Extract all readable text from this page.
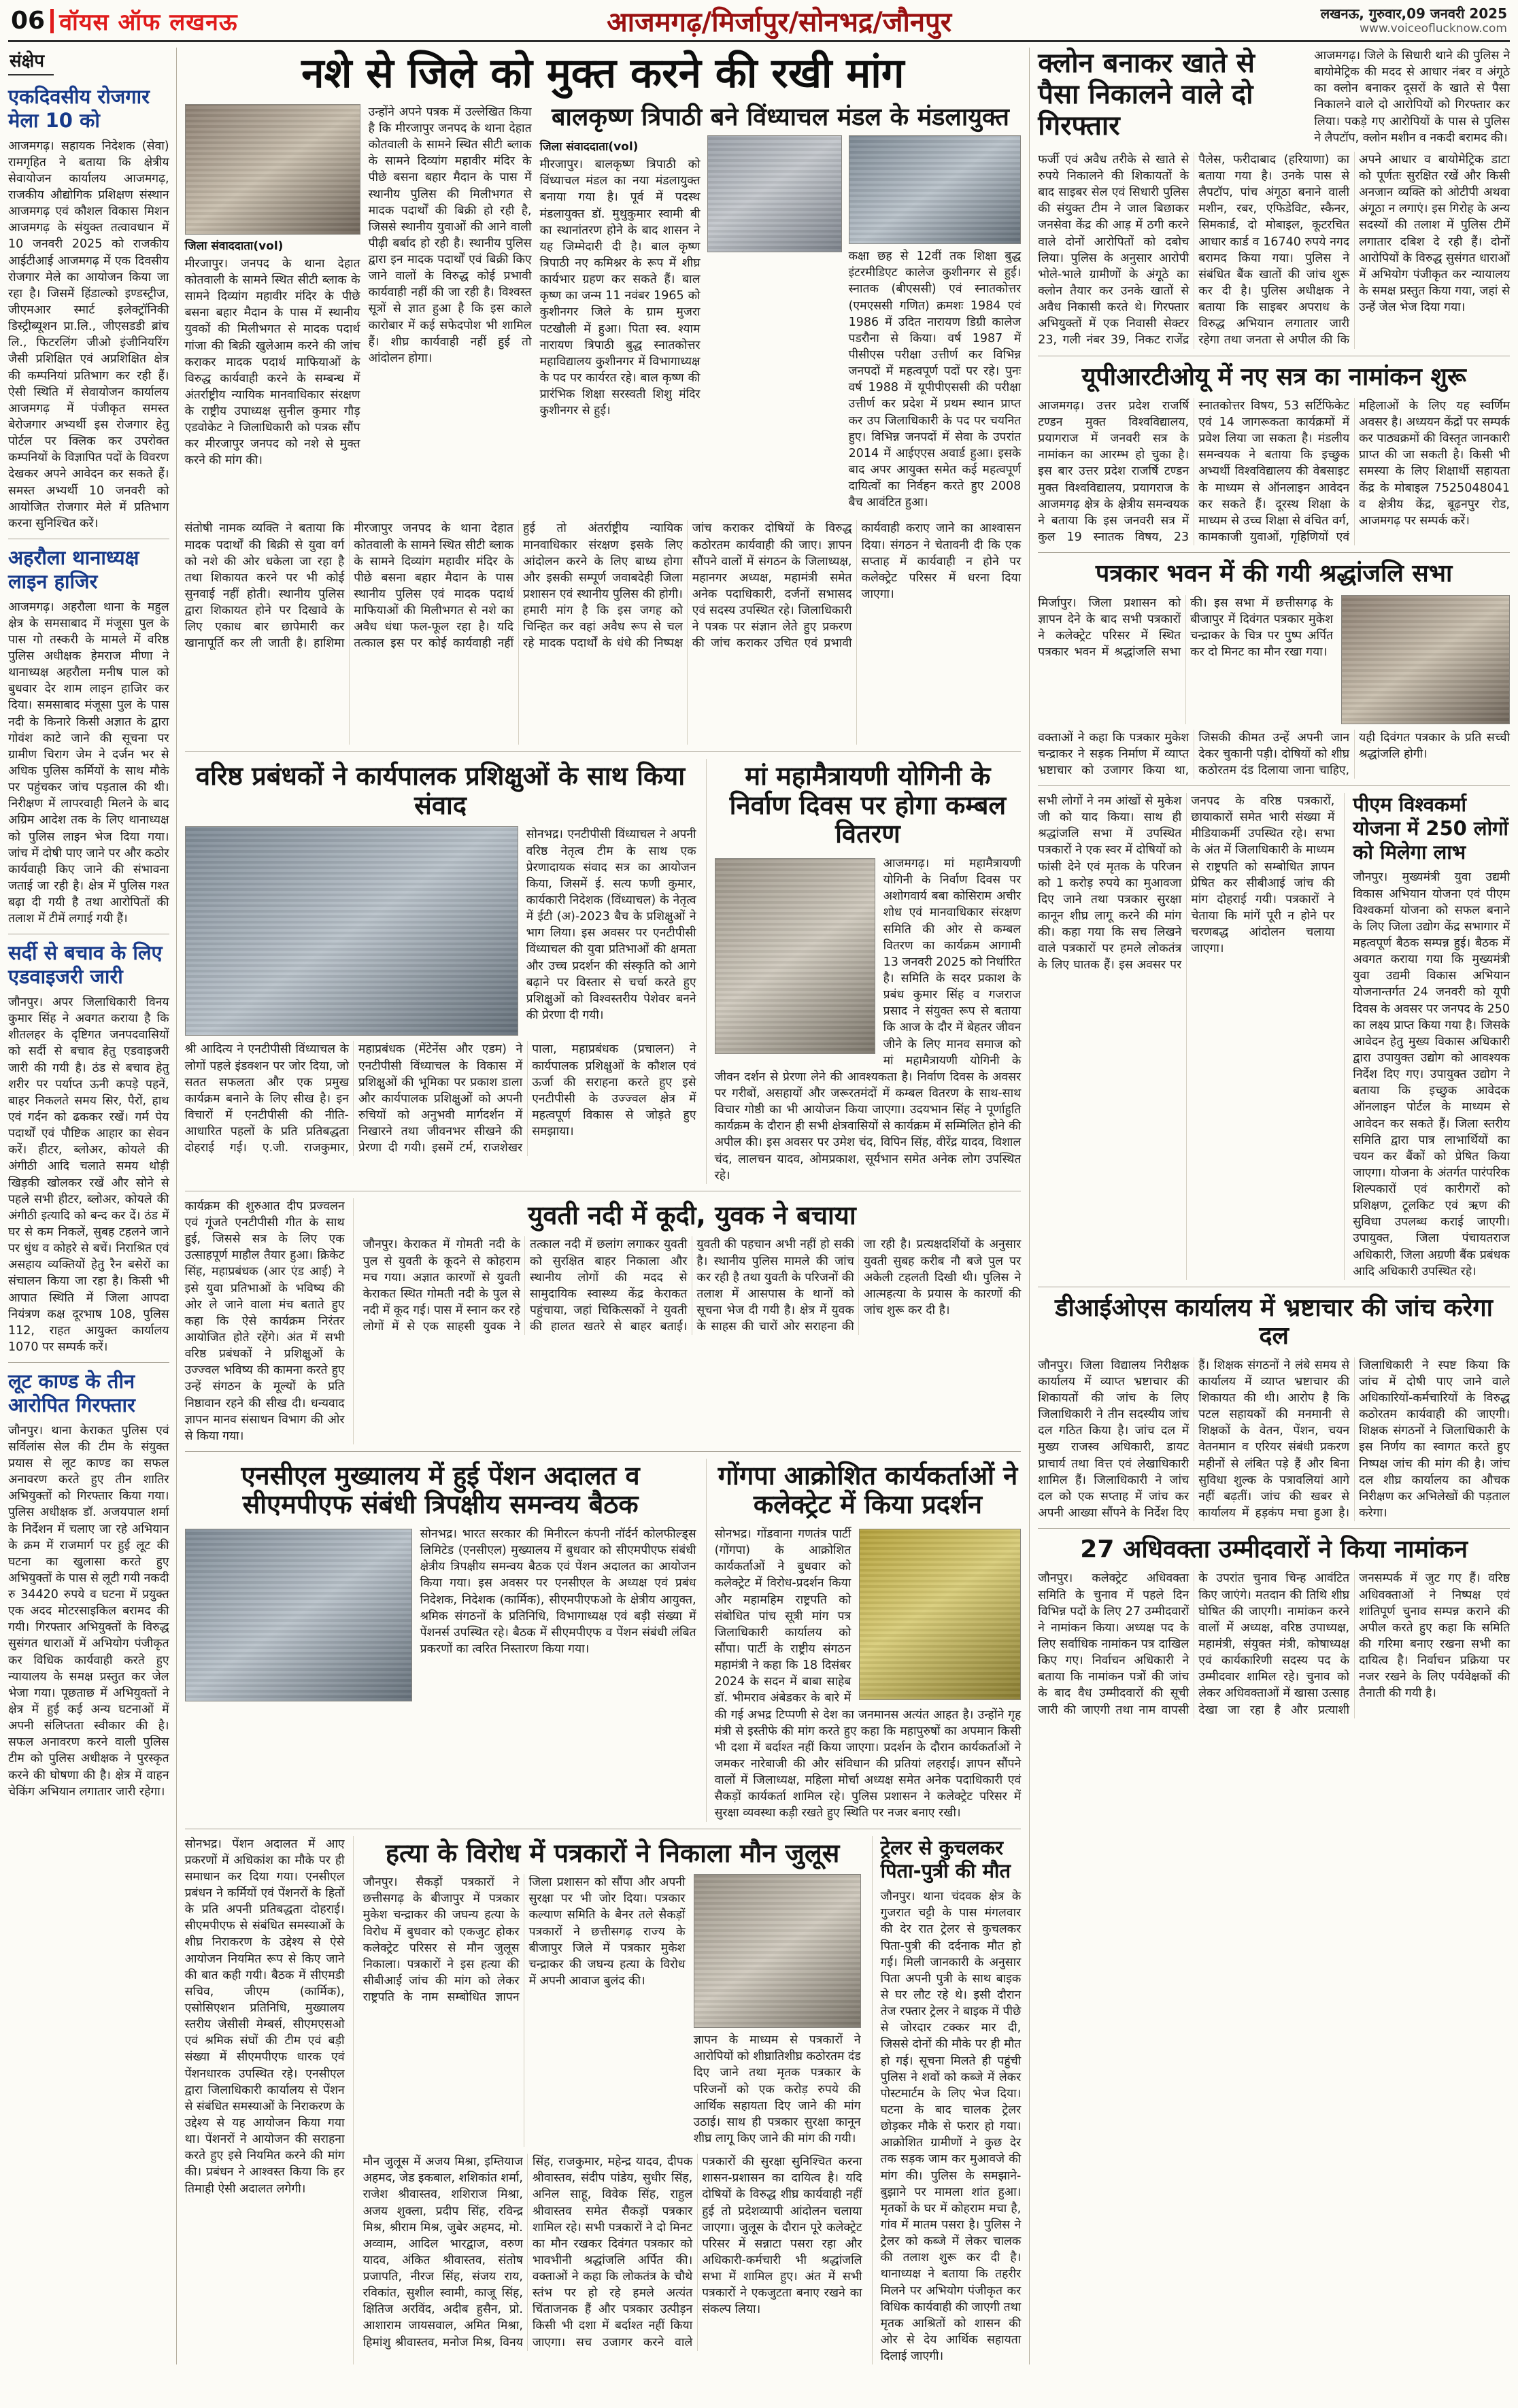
06 वॉयस ऑफ लखनऊ	आजमगढ़/मिर्जापुर/सोनभद्र/जौनपुर	लखनऊ, गुरुवार,09 जनवरी 2025
www.voiceoflucknow.com
संक्षेप
एकदिवसीय रोजगार मेला 10 को

आजमगढ़। सहायक निदेशक (सेवा) रामगृहित ने बताया कि क्षेत्रीय सेवायोजन कार्यालय आजमगढ़, राजकीय औद्योगिक प्रशिक्षण संस्थान आजमगढ़ एवं कौशल विकास मिशन आजमगढ़ के संयुक्त तत्वावधान में 10 जनवरी 2025 को राजकीय आईटीआई आजमगढ़ में एक दिवसीय रोजगार मेले का आयोजन किया जा रहा है। जिसमें हिंडाल्को इण्डस्ट्रीज, जीएमआर स्मार्ट इलेक्ट्रॉनिकी डिस्ट्रीब्यूशन प्रा.लि., जीएसडडी ब्रांच लि., फिटरलिंग जीओ इंजीनियरिंग जैसी प्रशिक्षित एवं अप्रशिक्षित क्षेत्र की कम्पनियां प्रतिभाग कर रही हैं। ऐसी स्थिति में सेवायोजन कार्यालय आजमगढ़ में पंजीकृत समस्त बेरोजगार अभ्यर्थी इस रोजगार हेतु पोर्टल पर क्लिक कर उपरोक्त कम्पनियों के विज्ञापित पदों के विवरण देखकर अपने आवेदन कर सकते हैं। समस्त अभ्यर्थी 10 जनवरी को आयोजित रोजगार मेले में प्रतिभाग करना सुनिश्चित करें।

अहरौला थानाध्यक्ष लाइन हाजिर

आजमगढ़। अहरौला थाना के महुल क्षेत्र के समसाबाद में मंजूसा पुल के पास गो तस्करी के मामले में वरिष्ठ पुलिस अधीक्षक हेमराज मीणा ने थानाध्यक्ष अहरौला मनीष पाल को बुधवार देर शाम लाइन हाजिर कर दिया। समसाबाद मंजूसा पुल के पास नदी के किनारे किसी अज्ञात के द्वारा गोवंश काटे जाने की सूचना पर ग्रामीण चिराग जेम ने दर्जन भर से अधिक पुलिस कर्मियों के साथ मौके पर पहुंचकर जांच पड़ताल की थी। निरीक्षण में लापरवाही मिलने के बाद अग्रिम आदेश तक के लिए थानाध्यक्ष को पुलिस लाइन भेज दिया गया। जांच में दोषी पाए जाने पर और कठोर कार्यवाही किए जाने की संभावना जताई जा रही है। क्षेत्र में पुलिस गश्त बढ़ा दी गयी है तथा आरोपितों की तलाश में टीमें लगाई गयी हैं।

सर्दी से बचाव के लिए एडवाइजरी जारी

जौनपुर। अपर जिलाधिकारी विनय कुमार सिंह ने अवगत कराया है कि शीतलहर के दृष्टिगत जनपदवासियों को सर्दी से बचाव हेतु एडवाइजरी जारी की गयी है। ठंड से बचाव हेतु शरीर पर पर्याप्त ऊनी कपड़े पहनें, बाहर निकलते समय सिर, पैरों, हाथ एवं गर्दन को ढककर रखें। गर्म पेय पदार्थों एवं पौष्टिक आहार का सेवन करें। हीटर, ब्लोअर, कोयले की अंगीठी आदि चलाते समय थोड़ी खिड़की खोलकर रखें और सोने से पहले सभी हीटर, ब्लोअर, कोयले की अंगीठी इत्यादि को बन्द कर दें। ठंड में घर से कम निकलें, सुबह टहलने जाने पर धुंध व कोहरे से बचें। निराश्रित एवं असहाय व्यक्तियों हेतु रैन बसेरों का संचालन किया जा रहा है। किसी भी आपात स्थिति में जिला आपदा नियंत्रण कक्ष दूरभाष 108, पुलिस 112, राहत आयुक्त कार्यालय 1070 पर सम्पर्क करें।

लूट काण्ड के तीन आरोपित गिरफ्तार

जौनपुर। थाना केराकत पुलिस एवं सर्विलांस सेल की टीम के संयुक्त प्रयास से लूट काण्ड का सफल अनावरण करते हुए तीन शातिर अभियुक्तों को गिरफ्तार किया गया। पुलिस अधीक्षक डॉ. अजयपाल शर्मा के निर्देशन में चलाए जा रहे अभियान के क्रम में राजमार्ग पर हुई लूट की घटना का खुलासा करते हुए अभियुक्तों के पास से लूटी गयी नकदी रु 34420 रुपये व घटना में प्रयुक्त एक अदद मोटरसाइकिल बरामद की गयी। गिरफ्तार अभियुक्तों के विरुद्ध सुसंगत धाराओं में अभियोग पंजीकृत कर विधिक कार्यवाही करते हुए न्यायालय के समक्ष प्रस्तुत कर जेल भेजा गया। पूछताछ में अभियुक्तों ने क्षेत्र में हुई कई अन्य घटनाओं में अपनी संलिप्तता स्वीकार की है। सफल अनावरण करने वाली पुलिस टीम को पुलिस अधीक्षक ने पुरस्कृत करने की घोषणा की है। क्षेत्र में वाहन चेकिंग अभियान लगातार जारी रहेगा।

नशे से जिले को मुक्त करने की रखी मांग
जिला संवाददाता(vol)

मीरजापुर। जनपद के थाना देहात कोतवाली के सामने स्थित सीटी ब्लाक के सामने दिव्यांग महावीर मंदिर के पीछे बसना बहार मैदान के पास में स्थानीय युवकों की मिलीभगत से मादक पदार्थ गांजा की बिक्री खुलेआम करने की जांच कराकर मादक पदार्थ माफियाओं के विरुद्ध कार्यवाही करने के सम्बन्ध में अंतर्राष्ट्रीय न्यायिक मानवाधिकार संरक्षण के राष्ट्रीय उपाध्यक्ष सुनील कुमार गौड़ एडवोकेट ने जिलाधिकारी को पत्रक सौंप कर मीरजापुर जनपद को नशे से मुक्त करने की मांग की।

उन्होंने अपने पत्रक में उल्लेखित किया है कि मीरजापुर जनपद के थाना देहात कोतवाली के सामने स्थित सीटी ब्लाक के सामने दिव्यांग महावीर मंदिर के पीछे बसना बहार मैदान के पास में स्थानीय पुलिस की मिलीभगत से मादक पदार्थों की बिक्री हो रही है, जिससे स्थानीय युवाओं की आने वाली पीढ़ी बर्बाद हो रही है। स्थानीय पुलिस द्वारा इन मादक पदार्थों एवं बिक्री किए जाने वालों के विरुद्ध कोई प्रभावी कार्यवाही नहीं की जा रही है। विश्वस्त सूत्रों से ज्ञात हुआ है कि इस काले कारोबार में कई सफेदपोश भी शामिल हैं। शीघ्र कार्यवाही नहीं हुई तो आंदोलन होगा।

बालकृष्ण त्रिपाठी बने विंध्याचल मंडल के मंडलायुक्त
जिला संवाददाता(vol)

मीरजापुर। बालकृष्ण त्रिपाठी को विंध्याचल मंडल का नया मंडलायुक्त बनाया गया है। पूर्व में पदस्थ मंडलायुक्त डॉ. मुथुकुमार स्वामी बी का स्थानांतरण होने के बाद शासन ने यह जिम्मेदारी दी है। बाल कृष्ण त्रिपाठी नए कमिश्नर के रूप में शीघ्र कार्यभार ग्रहण कर सकते हैं। बाल कृष्ण का जन्म 11 नवंबर 1965 को कुशीनगर जिले के ग्राम मुजरा पटखौली में हुआ। पिता स्व. श्याम नारायण त्रिपाठी बुद्ध स्नातकोत्तर महाविद्यालय कुशीनगर में विभागाध्यक्ष के पद पर कार्यरत रहे। बाल कृष्ण की प्रारंभिक शिक्षा सरस्वती शिशु मंदिर कुशीनगर से हुई।

कक्षा छह से 12वीं तक शिक्षा बुद्ध इंटरमीडिएट कालेज कुशीनगर से हुई। स्नातक (बीएससी) एवं स्नातकोत्तर (एमएससी गणित) क्रमशः 1984 एवं 1986 में उदित नारायण डिग्री कालेज पडरौना से किया। वर्ष 1987 में पीसीएस परीक्षा उत्तीर्ण कर विभिन्न जनपदों में महत्वपूर्ण पदों पर रहे। पुनः वर्ष 1988 में यूपीपीएससी की परीक्षा उत्तीर्ण कर प्रदेश में प्रथम स्थान प्राप्त कर उप जिलाधिकारी के पद पर चयनित हुए। विभिन्न जनपदों में सेवा के उपरांत 2014 में आईएएस अवार्ड हुआ। इसके बाद अपर आयुक्त समेत कई महत्वपूर्ण दायित्वों का निर्वहन करते हुए 2008 बैच आवंटित हुआ।

संतोषी नामक व्यक्ति ने बताया कि मादक पदार्थों की बिक्री से युवा वर्ग को नशे की ओर धकेला जा रहा है तथा शिकायत करने पर भी कोई सुनवाई नहीं होती। स्थानीय पुलिस द्वारा शिकायत होने पर दिखावे के लिए एकाध बार छापेमारी कर खानापूर्ति कर ली जाती है। हाशिमा मीरजापुर जनपद के थाना देहात कोतवाली के सामने स्थित सीटी ब्लाक के सामने दिव्यांग महावीर मंदिर के पीछे बसना बहार मैदान के पास स्थानीय पुलिस एवं मादक पदार्थ माफियाओं की मिलीभगत से नशे का अवैध धंधा फल-फूल रहा है। यदि तत्काल इस पर कोई कार्यवाही नहीं हुई तो अंतर्राष्ट्रीय न्यायिक मानवाधिकार संरक्षण इसके लिए आंदोलन करने के लिए बाध्य होगा और इसकी सम्पूर्ण जवाबदेही जिला प्रशासन एवं स्थानीय पुलिस की होगी। हमारी मांग है कि इस जगह को चिन्हित कर वहां अवैध रूप से चल रहे मादक पदार्थों के धंधे की निष्पक्ष जांच कराकर दोषियों के विरुद्ध कठोरतम कार्यवाही की जाए। ज्ञापन सौंपने वालों में संगठन के जिलाध्यक्ष, महानगर अध्यक्ष, महामंत्री समेत अनेक पदाधिकारी, दर्जनों सभासद एवं सदस्य उपस्थित रहे। जिलाधिकारी ने पत्रक पर संज्ञान लेते हुए प्रकरण की जांच कराकर उचित एवं प्रभावी कार्यवाही कराए जाने का आश्वासन दिया। संगठन ने चेतावनी दी कि एक सप्ताह में कार्यवाही न होने पर कलेक्ट्रेट परिसर में धरना दिया जाएगा।
वरिष्ठ प्रबंधकों ने कार्यपालक प्रशिक्षुओं के साथ किया संवाद

सोनभद्र। एनटीपीसी विंध्याचल ने अपनी वरिष्ठ नेतृत्व टीम के साथ एक प्रेरणादायक संवाद सत्र का आयोजन किया, जिसमें ई. सत्य फणी कुमार, कार्यकारी निदेशक (विंध्याचल) के नेतृत्व में ईटी (अ)-2023 बैच के प्रशिक्षुओं ने भाग लिया। इस अवसर पर एनटीपीसी विंध्याचल की युवा प्रतिभाओं की क्षमता और उच्च प्रदर्शन की संस्कृति को आगे बढ़ाने पर विस्तार से चर्चा करते हुए प्रशिक्षुओं को विश्वस्तरीय पेशेवर बनने की प्रेरणा दी गयी।

श्री आदित्य ने एनटीपीसी विंध्याचल के लोगों पहले इंडक्शन पर जोर दिया, जो सतत सफलता और एक प्रमुख कार्यक्रम बनाने के लिए सीख है। इन विचारों में एनटीपीसी की नीति-आधारित पहलों के प्रति प्रतिबद्धता दोहराई गई। ए.जी. राजकुमार, महाप्रबंधक (मेंटेनेंस और एडम) ने एनटीपीसी विंध्याचल के विकास में प्रशिक्षुओं की भूमिका पर प्रकाश डाला और कार्यपालक प्रशिक्षुओं को अपनी रुचियों को अनुभवी मार्गदर्शन में निखारने तथा जीवनभर सीखने की प्रेरणा दी गयी। इसमें टर्म, राजशेखर पाला, महाप्रबंधक (प्रचालन) ने कार्यपालक प्रशिक्षुओं के कौशल एवं ऊर्जा की सराहना करते हुए इसे एनटीपीसी के उज्ज्वल क्षेत्र में महत्वपूर्ण विकास से जोड़ते हुए समझाया।

मां महामैत्रायणी योगिनी के निर्वाण दिवस पर होगा कम्बल वितरण

आजमगढ़। मां महामैत्रायणी योगिनी के निर्वाण दिवस पर अशोगवार्य बबा कोसिराम अचीर शोध एवं मानवाधिकार संरक्षण समिति की ओर से कम्बल वितरण का कार्यक्रम आगामी 13 जनवरी 2025 को निर्धारित है। समिति के सदर प्रकाश के प्रबंध कुमार सिंह व गजराज प्रसाद ने संयुक्त रूप से बताया कि आज के दौर में बेहतर जीवन जीने के लिए मानव समाज को मां महामैत्रायणी योगिनी के जीवन दर्शन से प्रेरणा लेने की आवश्यकता है। निर्वाण दिवस के अवसर पर गरीबों, असहायों और जरूरतमंदों में कम्बल वितरण के साथ-साथ विचार गोष्ठी का भी आयोजन किया जाएगा। उदयभान सिंह ने पूर्णाहुति कार्यक्रम के दौरान ही सभी क्षेत्रवासियों से कार्यक्रम में सम्मिलित होने की अपील की। इस अवसर पर उमेश चंद, विपिन सिंह, वीरेंद्र यादव, विशाल चंद, लालचन यादव, ओमप्रकाश, सूर्यभान समेत अनेक लोग उपस्थित रहे।

कार्यक्रम की शुरुआत दीप प्रज्वलन एवं गूंजते एनटीपीसी गीत के साथ हुई, जिससे सत्र के लिए एक उत्साहपूर्ण माहौल तैयार हुआ। क्रिकेट सिंह, महाप्रबंधक (आर एंड आई) ने इसे युवा प्रतिभाओं के भविष्य की ओर ले जाने वाला मंच बताते हुए कहा कि ऐसे कार्यक्रम निरंतर आयोजित होते रहेंगे। अंत में सभी वरिष्ठ प्रबंधकों ने प्रशिक्षुओं के उज्ज्वल भविष्य की कामना करते हुए उन्हें संगठन के मूल्यों के प्रति निष्ठावान रहने की सीख दी। धन्यवाद ज्ञापन मानव संसाधन विभाग की ओर से किया गया।

युवती नदी में कूदी, युवक ने बचाया

जौनपुर। केराकत में गोमती नदी के पुल से युवती के कूदने से कोहराम मच गया। अज्ञात कारणों से युवती केराकत स्थित गोमती नदी के पुल से नदी में कूद गई। पास में स्नान कर रहे लोगों में से एक साहसी युवक ने तत्काल नदी में छलांग लगाकर युवती को सुरक्षित बाहर निकाला और स्थानीय लोगों की मदद से सामुदायिक स्वास्थ्य केंद्र केराकत पहुंचाया, जहां चिकित्सकों ने युवती की हालत खतरे से बाहर बताई। युवती की पहचान अभी नहीं हो सकी है। स्थानीय पुलिस मामले की जांच कर रही है तथा युवती के परिजनों की तलाश में आसपास के थानों को सूचना भेज दी गयी है। क्षेत्र में युवक के साहस की चारों ओर सराहना की जा रही है। प्रत्यक्षदर्शियों के अनुसार युवती सुबह करीब नौ बजे पुल पर अकेली टहलती दिखी थी। पुलिस ने आत्महत्या के प्रयास के कारणों की जांच शुरू कर दी है।

एनसीएल मुख्यालय में हुई पेंशन अदालत व सीएमपीएफ संबंधी त्रिपक्षीय समन्वय बैठक

सोनभद्र। भारत सरकार की मिनीरत्न कंपनी नॉर्दर्न कोलफील्ड्स लिमिटेड (एनसीएल) मुख्यालय में बुधवार को सीएमपीएफ संबंधी क्षेत्रीय त्रिपक्षीय समन्वय बैठक एवं पेंशन अदालत का आयोजन किया गया। इस अवसर पर एनसीएल के अध्यक्ष एवं प्रबंध निदेशक, निदेशक (कार्मिक), सीएमपीएफओ के क्षेत्रीय आयुक्त, श्रमिक संगठनों के प्रतिनिधि, विभागाध्यक्ष एवं बड़ी संख्या में पेंशनर्स उपस्थित रहे। बैठक में सीएमपीएफ व पेंशन संबंधी लंबित प्रकरणों का त्वरित निस्तारण किया गया।

गोंगपा आक्रोशित कार्यकर्ताओं ने कलेक्ट्रेट में किया प्रदर्शन

सोनभद्र। गोंडवाना गणतंत्र पार्टी (गोंगपा) के आक्रोशित कार्यकर्ताओं ने बुधवार को कलेक्ट्रेट में विरोध-प्रदर्शन किया और महामहिम राष्ट्रपति को संबोधित पांच सूत्री मांग पत्र जिलाधिकारी कार्यालय को सौंपा। पार्टी के राष्ट्रीय संगठन महामंत्री ने कहा कि 18 दिसंबर 2024 के सदन में बाबा साहेब डॉ. भीमराव अंबेडकर के बारे में की गई अभद्र टिप्पणी से देश का जनमानस अत्यंत आहत है। उन्होंने गृह मंत्री से इस्तीफे की मांग करते हुए कहा कि महापुरुषों का अपमान किसी भी दशा में बर्दाश्त नहीं किया जाएगा। प्रदर्शन के दौरान कार्यकर्ताओं ने जमकर नारेबाजी की और संविधान की प्रतियां लहराईं। ज्ञापन सौंपने वालों में जिलाध्यक्ष, महिला मोर्चा अध्यक्ष समेत अनेक पदाधिकारी एवं सैकड़ों कार्यकर्ता शामिल रहे। पुलिस प्रशासन ने कलेक्ट्रेट परिसर में सुरक्षा व्यवस्था कड़ी रखते हुए स्थिति पर नजर बनाए रखी।

सोनभद्र। पेंशन अदालत में आए प्रकरणों में अधिकांश का मौके पर ही समाधान कर दिया गया। एनसीएल प्रबंधन ने कर्मियों एवं पेंशनरों के हितों के प्रति अपनी प्रतिबद्धता दोहराई। सीएमपीएफ से संबंधित समस्याओं के शीघ्र निराकरण के उद्देश्य से ऐसे आयोजन नियमित रूप से किए जाने की बात कही गयी। बैठक में सीएमडी सचिव, जीएम (कार्मिक), एसोसिएशन प्रतिनिधि, मुख्यालय स्तरीय जेसीसी मेम्बर्स, सीएमएसओ एवं श्रमिक संघों की टीम एवं बड़ी संख्या में सीएमपीएफ धारक एवं पेंशनधारक उपस्थित रहे। एनसीएल द्वारा जिलाधिकारी कार्यालय से पेंशन से संबंधित समस्याओं के निराकरण के उद्देश्य से यह आयोजन किया गया था। पेंशनरों ने आयोजन की सराहना करते हुए इसे नियमित करने की मांग की। प्रबंधन ने आश्वस्त किया कि हर तिमाही ऐसी अदालत लगेगी।

हत्या के विरोध में पत्रकारों ने निकाला मौन जुलूस

जौनपुर। सैकड़ों पत्रकारों ने छत्तीसगढ़ के बीजापुर में पत्रकार मुकेश चन्द्राकर की जघन्य हत्या के विरोध में बुधवार को एकजुट होकर कलेक्ट्रेट परिसर से मौन जुलूस निकाला। पत्रकारों ने इस हत्या की सीबीआई जांच की मांग को लेकर राष्ट्रपति के नाम सम्बोधित ज्ञापन जिला प्रशासन को सौंपा और अपनी सुरक्षा पर भी जोर दिया। पत्रकार कल्याण समिति के बैनर तले सैकड़ों पत्रकारों ने छत्तीसगढ़ राज्य के बीजापुर जिले में पत्रकार मुकेश चन्द्राकर की जघन्य हत्या के विरोध में अपनी आवाज बुलंद की।

ज्ञापन के माध्यम से पत्रकारों ने आरोपियों को शीघ्रातिशीघ्र कठोरतम दंड दिए जाने तथा मृतक पत्रकार के परिजनों को एक करोड़ रुपये की आर्थिक सहायता दिए जाने की मांग उठाई। साथ ही पत्रकार सुरक्षा कानून शीघ्र लागू किए जाने की मांग की गयी।

मौन जुलूस में अजय मिश्रा, इम्तियाज अहमद, जेड इकबाल, शशिकांत शर्मा, राजेश श्रीवास्तव, शशिराज मिश्रा, अजय शुक्ला, प्रदीप सिंह, रविन्द्र मिश्र, श्रीराम मिश्र, जुबेर अहमद, मो. अव्वाम, आदिल भारद्वाज, वरुण यादव, अंकित श्रीवास्तव, संतोष प्रजापति, नीरज सिंह, संजय राय, रविकांत, सुशील स्वामी, काजू सिंह, क्षितिज अरविंद, अदीब हुसैन, प्रो. आशाराम जायसवाल, अमित मिश्रा, हिमांशु श्रीवास्तव, मनोज मिश्र, विनय सिंह, राजकुमार, महेन्द्र यादव, दीपक श्रीवास्तव, संदीप पांडेय, सुधीर सिंह, अनिल साहू, विवेक सिंह, राहुल श्रीवास्तव समेत सैकड़ों पत्रकार शामिल रहे। सभी पत्रकारों ने दो मिनट का मौन रखकर दिवंगत पत्रकार को भावभीनी श्रद्धांजलि अर्पित की। वक्ताओं ने कहा कि लोकतंत्र के चौथे स्तंभ पर हो रहे हमले अत्यंत चिंताजनक हैं और पत्रकार उत्पीड़न किसी भी दशा में बर्दाश्त नहीं किया जाएगा। सच उजागर करने वाले पत्रकारों की सुरक्षा सुनिश्चित करना शासन-प्रशासन का दायित्व है। यदि दोषियों के विरुद्ध शीघ्र कार्यवाही नहीं हुई तो प्रदेशव्यापी आंदोलन चलाया जाएगा। जुलूस के दौरान पूरे कलेक्ट्रेट परिसर में सन्नाटा पसरा रहा और अधिकारी-कर्मचारी भी श्रद्धांजलि सभा में शामिल हुए। अंत में सभी पत्रकारों ने एकजुटता बनाए रखने का संकल्प लिया।

ट्रेलर से कुचलकर पिता-पुत्री की मौत

जौनपुर। थाना चंदवक क्षेत्र के गुजरात चट्टी के पास मंगलवार की देर रात ट्रेलर से कुचलकर पिता-पुत्री की दर्दनाक मौत हो गई। मिली जानकारी के अनुसार पिता अपनी पुत्री के साथ बाइक से घर लौट रहे थे। इसी दौरान तेज रफ्तार ट्रेलर ने बाइक में पीछे से जोरदार टक्कर मार दी, जिससे दोनों की मौके पर ही मौत हो गई। सूचना मिलते ही पहुंची पुलिस ने शवों को कब्जे में लेकर पोस्टमार्टम के लिए भेज दिया। घटना के बाद चालक ट्रेलर छोड़कर मौके से फरार हो गया। आक्रोशित ग्रामीणों ने कुछ देर तक सड़क जाम कर मुआवजे की मांग की। पुलिस के समझाने-बुझाने पर मामला शांत हुआ। मृतकों के घर में कोहराम मचा है, गांव में मातम पसरा है। पुलिस ने ट्रेलर को कब्जे में लेकर चालक की तलाश शुरू कर दी है। थानाध्यक्ष ने बताया कि तहरीर मिलने पर अभियोग पंजीकृत कर विधिक कार्यवाही की जाएगी तथा मृतक आश्रितों को शासन की ओर से देय आर्थिक सहायता दिलाई जाएगी।

क्लोन बनाकर खाते से पैसा निकालने वाले दो गिरफ्तार

आजमगढ़। जिले के सिधारी थाने की पुलिस ने बायोमेट्रिक की मदद से आधार नंबर व अंगूठे का क्लोन बनाकर दूसरों के खाते से पैसा निकालने वाले दो आरोपियों को गिरफ्तार कर लिया। पकड़े गए आरोपियों के पास से पुलिस ने लैपटॉप, क्लोन मशीन व नकदी बरामद की।

फर्जी एवं अवैध तरीके से खाते से रुपये निकालने की शिकायतों के बाद साइबर सेल एवं सिधारी पुलिस की संयुक्त टीम ने जाल बिछाकर जनसेवा केंद्र की आड़ में ठगी करने वाले दोनों आरोपितों को दबोच लिया। पुलिस के अनुसार आरोपी भोले-भाले ग्रामीणों के अंगूठे का क्लोन तैयार कर उनके खातों से अवैध निकासी करते थे। गिरफ्तार अभियुक्तों में एक निवासी सेक्टर 23, गली नंबर 39, निकट राजेंद्र पैलेस, फरीदाबाद (हरियाणा) का बताया गया है। उनके पास से लैपटॉप, पांच अंगूठा बनाने वाली मशीन, रबर, एफिडेविट, स्कैनर, सिमकार्ड, दो मोबाइल, कूटरचित आधार कार्ड व 16740 रुपये नगद बरामद किया गया। पुलिस ने संबंधित बैंक खातों की जांच शुरू कर दी है। पुलिस अधीक्षक ने बताया कि साइबर अपराध के विरुद्ध अभियान लगातार जारी रहेगा तथा जनता से अपील की कि अपने आधार व बायोमेट्रिक डाटा को पूर्णतः सुरक्षित रखें और किसी अनजान व्यक्ति को ओटीपी अथवा अंगूठा न लगाएं। इस गिरोह के अन्य सदस्यों की तलाश में पुलिस टीमें लगातार दबिश दे रही हैं। दोनों आरोपियों के विरुद्ध सुसंगत धाराओं में अभियोग पंजीकृत कर न्यायालय के समक्ष प्रस्तुत किया गया, जहां से उन्हें जेल भेज दिया गया।

यूपीआरटीओयू में नए सत्र का नामांकन शुरू

आजमगढ़। उत्तर प्रदेश राजर्षि टण्डन मुक्त विश्वविद्यालय, प्रयागराज में जनवरी सत्र के नामांकन का आरम्भ हो चुका है। इस बार उत्तर प्रदेश राजर्षि टण्डन मुक्त विश्वविद्यालय, प्रयागराज के आजमगढ़ क्षेत्र के क्षेत्रीय समन्वयक ने बताया कि इस जनवरी सत्र में कुल 19 स्नातक विषय, 23 स्नातकोत्तर विषय, 53 सर्टिफिकेट एवं 14 जागरूकता कार्यक्रमों में प्रवेश लिया जा सकता है। मंडलीय समन्वयक ने बताया कि इच्छुक अभ्यर्थी विश्वविद्यालय की वेबसाइट के माध्यम से ऑनलाइन आवेदन कर सकते हैं। दूरस्थ शिक्षा के माध्यम से उच्च शिक्षा से वंचित वर्ग, कामकाजी युवाओं, गृहिणियों एवं महिलाओं के लिए यह स्वर्णिम अवसर है। अध्ययन केंद्रों पर सम्पर्क कर पाठ्यक्रमों की विस्तृत जानकारी प्राप्त की जा सकती है। किसी भी समस्या के लिए शिक्षार्थी सहायता केंद्र के मोबाइल 7525048041 व क्षेत्रीय केंद्र, बूढ़नपुर रोड, आजमगढ़ पर सम्पर्क करें।

पत्रकार भवन में की गयी श्रद्धांजलि सभा

मिर्जापुर। जिला प्रशासन को ज्ञापन देने के बाद सभी पत्रकारों ने कलेक्ट्रेट परिसर में स्थित पत्रकार भवन में श्रद्धांजलि सभा की। इस सभा में छत्तीसगढ़ के बीजापुर में दिवंगत पत्रकार मुकेश चन्द्राकर के चित्र पर पुष्प अर्पित कर दो मिनट का मौन रखा गया।

वक्ताओं ने कहा कि पत्रकार मुकेश चन्द्राकर ने सड़क निर्माण में व्याप्त भ्रष्टाचार को उजागर किया था, जिसकी कीमत उन्हें अपनी जान देकर चुकानी पड़ी। दोषियों को शीघ्र कठोरतम दंड दिलाया जाना चाहिए, यही दिवंगत पत्रकार के प्रति सच्ची श्रद्धांजलि होगी।

सभी लोगों ने नम आंखों से मुकेश जी को याद किया। साथ ही श्रद्धांजलि सभा में उपस्थित पत्रकारों ने एक स्वर में दोषियों को फांसी देने एवं मृतक के परिजन को 1 करोड़ रुपये का मुआवजा दिए जाने तथा पत्रकार सुरक्षा कानून शीघ्र लागू करने की मांग की। कहा गया कि सच लिखने वाले पत्रकारों पर हमले लोकतंत्र के लिए घातक हैं। इस अवसर पर जनपद के वरिष्ठ पत्रकारों, छायाकारों समेत भारी संख्या में मीडियाकर्मी उपस्थित रहे। सभा के अंत में जिलाधिकारी के माध्यम से राष्ट्रपति को सम्बोधित ज्ञापन प्रेषित कर सीबीआई जांच की मांग दोहराई गयी। पत्रकारों ने चेताया कि मांगें पूरी न होने पर चरणबद्ध आंदोलन चलाया जाएगा।

पीएम विश्वकर्मा योजना में 250 लोगों को मिलेगा लाभ

जौनपुर। मुख्यमंत्री युवा उद्यमी विकास अभियान योजना एवं पीएम विश्वकर्मा योजना को सफल बनाने के लिए जिला उद्योग केंद्र सभागार में महत्वपूर्ण बैठक सम्पन्न हुई। बैठक में अवगत कराया गया कि मुख्यमंत्री युवा उद्यमी विकास अभियान योजनान्तर्गत 24 जनवरी को यूपी दिवस के अवसर पर जनपद के 250 का लक्ष्य प्राप्त किया गया है। जिसके आवेदन हेतु मुख्य विकास अधिकारी द्वारा उपायुक्त उद्योग को आवश्यक निर्देश दिए गए। उपायुक्त उद्योग ने बताया कि इच्छुक आवेदक ऑनलाइन पोर्टल के माध्यम से आवेदन कर सकते हैं। जिला स्तरीय समिति द्वारा पात्र लाभार्थियों का चयन कर बैंकों को प्रेषित किया जाएगा। योजना के अंतर्गत पारंपरिक शिल्पकारों एवं कारीगरों को प्रशिक्षण, टूलकिट एवं ऋण की सुविधा उपलब्ध कराई जाएगी। उपायुक्त, जिला पंचायतराज अधिकारी, जिला अग्रणी बैंक प्रबंधक आदि अधिकारी उपस्थित रहे।

डीआईओएस कार्यालय में भ्रष्टाचार की जांच करेगा दल

जौनपुर। जिला विद्यालय निरीक्षक कार्यालय में व्याप्त भ्रष्टाचार की शिकायतों की जांच के लिए जिलाधिकारी ने तीन सदस्यीय जांच दल गठित किया है। जांच दल में मुख्य राजस्व अधिकारी, डायट प्राचार्य तथा वित्त एवं लेखाधिकारी शामिल हैं। जिलाधिकारी ने जांच दल को एक सप्ताह में जांच कर अपनी आख्या सौंपने के निर्देश दिए हैं। शिक्षक संगठनों ने लंबे समय से कार्यालय में व्याप्त भ्रष्टाचार की शिकायत की थी। आरोप है कि पटल सहायकों की मनमानी से शिक्षकों के वेतन, पेंशन, चयन वेतनमान व एरियर संबंधी प्रकरण महीनों से लंबित पड़े हैं और बिना सुविधा शुल्क के पत्रावलियां आगे नहीं बढ़तीं। जांच की खबर से कार्यालय में हड़कंप मचा हुआ है। जिलाधिकारी ने स्पष्ट किया कि जांच में दोषी पाए जाने वाले अधिकारियों-कर्मचारियों के विरुद्ध कठोरतम कार्यवाही की जाएगी। शिक्षक संगठनों ने जिलाधिकारी के इस निर्णय का स्वागत करते हुए निष्पक्ष जांच की मांग की है। जांच दल शीघ्र कार्यालय का औचक निरीक्षण कर अभिलेखों की पड़ताल करेगा।

27 अधिवक्ता उम्मीदवारों ने किया नामांकन

जौनपुर। कलेक्ट्रेट अधिवक्ता समिति के चुनाव में पहले दिन विभिन्न पदों के लिए 27 उम्मीदवारों ने नामांकन किया। अध्यक्ष पद के लिए सर्वाधिक नामांकन पत्र दाखिल किए गए। निर्वाचन अधिकारी ने बताया कि नामांकन पत्रों की जांच के बाद वैध उम्मीदवारों की सूची जारी की जाएगी तथा नाम वापसी के उपरांत चुनाव चिन्ह आवंटित किए जाएंगे। मतदान की तिथि शीघ्र घोषित की जाएगी। नामांकन करने वालों में अध्यक्ष, वरिष्ठ उपाध्यक्ष, महामंत्री, संयुक्त मंत्री, कोषाध्यक्ष एवं कार्यकारिणी सदस्य पद के उम्मीदवार शामिल रहे। चुनाव को लेकर अधिवक्ताओं में खासा उत्साह देखा जा रहा है और प्रत्याशी जनसम्पर्क में जुट गए हैं। वरिष्ठ अधिवक्ताओं ने निष्पक्ष एवं शांतिपूर्ण चुनाव सम्पन्न कराने की अपील करते हुए कहा कि समिति की गरिमा बनाए रखना सभी का दायित्व है। निर्वाचन प्रक्रिया पर नजर रखने के लिए पर्यवेक्षकों की तैनाती की गयी है।
